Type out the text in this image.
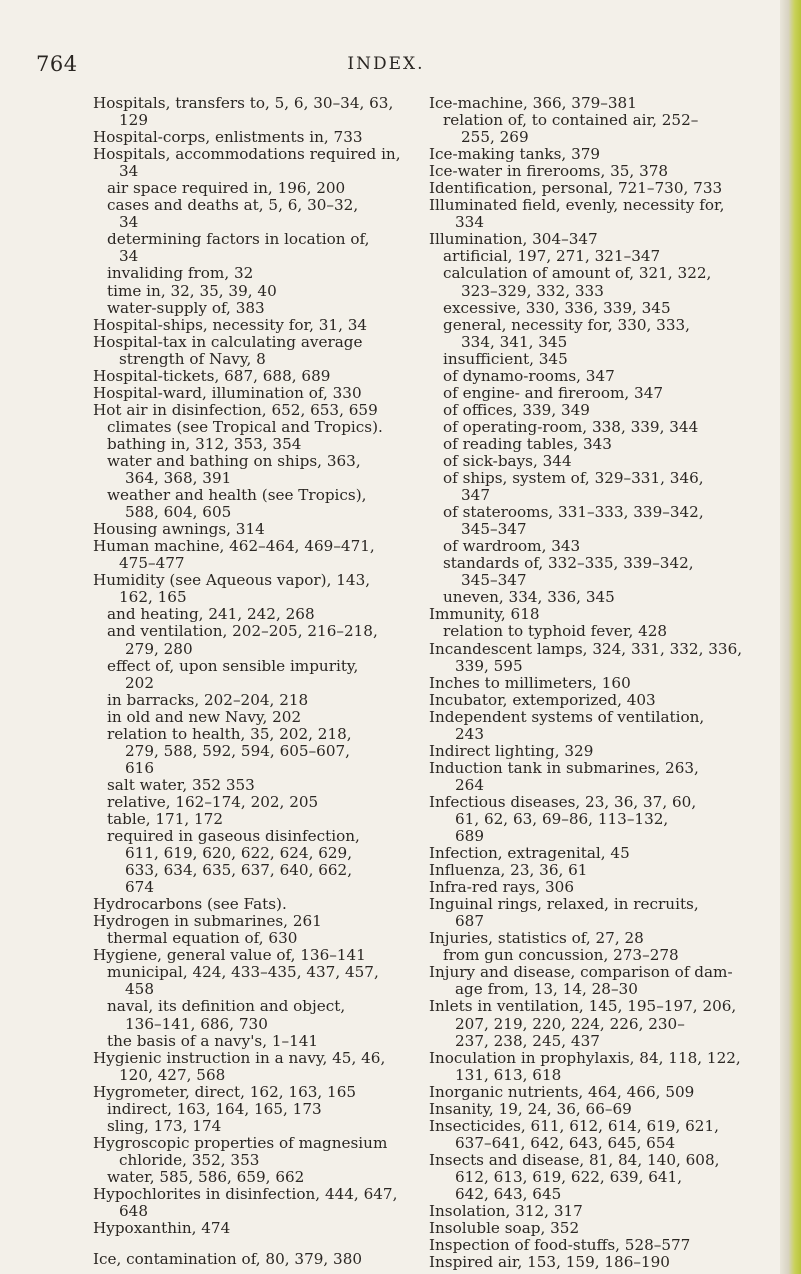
764	INDEX.
Hospitals, transfers to, 5, 6, 30–34, 63,
129
Hospital-corps, enlistments in, 733
Hospitals, accommodations required in,
34
air space required in, 196, 200
cases and deaths at, 5, 6, 30–32,
34
determining factors in location of,
34
invaliding from, 32
time in, 32, 35, 39, 40
water-supply of, 383
Hospital-ships, necessity for, 31, 34
Hospital-tax in calculating average
strength of Navy, 8
Hospital-tickets, 687, 688, 689
Hospital-ward, illumination of, 330
Hot air in disinfection, 652, 653, 659
climates (see Tropical and Tropics).
bathing in, 312, 353, 354
water and bathing on ships, 363,
364, 368, 391
weather and health (see Tropics),
588, 604, 605
Housing awnings, 314
Human machine, 462–464, 469–471,
475–477
Humidity (see Aqueous vapor), 143,
162, 165
and heating, 241, 242, 268
and ventilation, 202–205, 216–218,
279, 280
effect of, upon sensible impurity,
202
in barracks, 202–204, 218
in old and new Navy, 202
relation to health, 35, 202, 218,
279, 588, 592, 594, 605–607,
616
salt water, 352 353
relative, 162–174, 202, 205
table, 171, 172
required in gaseous disinfection,
611, 619, 620, 622, 624, 629,
633, 634, 635, 637, 640, 662,
674
Hydrocarbons (see Fats).
Hydrogen in submarines, 261
thermal equation of, 630
Hygiene, general value of, 136–141
municipal, 424, 433–435, 437, 457,
458
naval, its definition and object,
136–141, 686, 730
the basis of a navy's, 1–141
Hygienic instruction in a navy, 45, 46,
120, 427, 568
Hygrometer, direct, 162, 163, 165
indirect, 163, 164, 165, 173
sling, 173, 174
Hygroscopic properties of magnesium
chloride, 352, 353
water, 585, 586, 659, 662
Hypochlorites in disinfection, 444, 647,
648
Hypoxanthin, 474
Ice, contamination of, 80, 379, 380
Ice-machine, 366, 379–381
relation of, to contained air, 252–
255, 269
Ice-making tanks, 379
Ice-water in firerooms, 35, 378
Identification, personal, 721–730, 733
Illuminated field, evenly, necessity for,
334
Illumination, 304–347
artificial, 197, 271, 321–347
calculation of amount of, 321, 322,
323–329, 332, 333
excessive, 330, 336, 339, 345
general, necessity for, 330, 333,
334, 341, 345
insufficient, 345
of dynamo-rooms, 347
of engine- and fireroom, 347
of offices, 339, 349
of operating-room, 338, 339, 344
of reading tables, 343
of sick-bays, 344
of ships, system of, 329–331, 346,
347
of staterooms, 331–333, 339–342,
345–347
of wardroom, 343
standards of, 332–335, 339–342,
345–347
uneven, 334, 336, 345
Immunity, 618
relation to typhoid fever, 428
Incandescent lamps, 324, 331, 332, 336,
339, 595
Inches to millimeters, 160
Incubator, extemporized, 403
Independent systems of ventilation,
243
Indirect lighting, 329
Induction tank in submarines, 263,
264
Infectious diseases, 23, 36, 37, 60,
61, 62, 63, 69–86, 113–132,
689
Infection, extragenital, 45
Influenza, 23, 36, 61
Infra-red rays, 306
Inguinal rings, relaxed, in recruits,
687
Injuries, statistics of, 27, 28
from gun concussion, 273–278
Injury and disease, comparison of dam-
age from, 13, 14, 28–30
Inlets in ventilation, 145, 195–197, 206,
207, 219, 220, 224, 226, 230–
237, 238, 245, 437
Inoculation in prophylaxis, 84, 118, 122,
131, 613, 618
Inorganic nutrients, 464, 466, 509
Insanity, 19, 24, 36, 66–69
Insecticides, 611, 612, 614, 619, 621,
637–641, 642, 643, 645, 654
Insects and disease, 81, 84, 140, 608,
612, 613, 619, 622, 639, 641,
642, 643, 645
Insolation, 312, 317
Insoluble soap, 352
Inspection of food-stuffs, 528–577
Inspired air, 153, 159, 186–190
